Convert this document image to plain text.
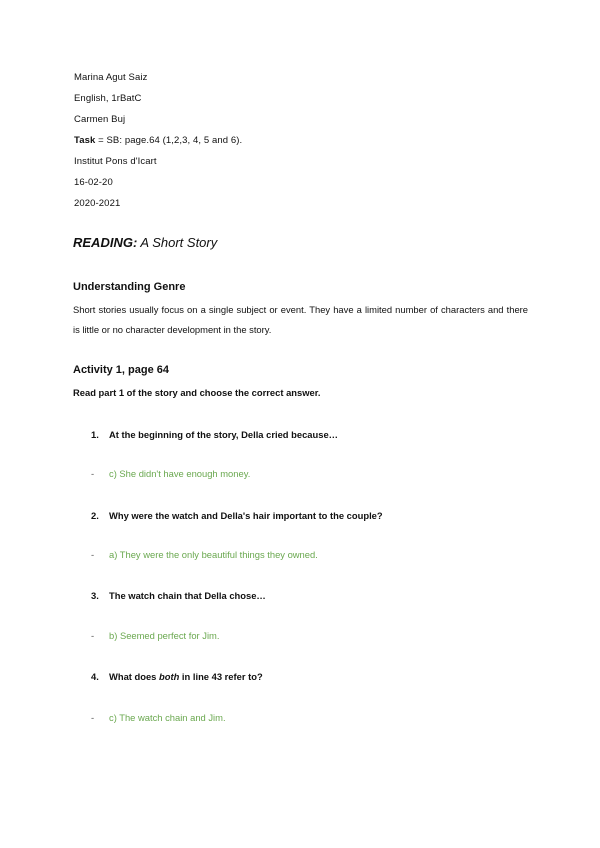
Marina Agut Saiz
English, 1rBatC
Carmen Buj
Task = SB: page.64 (1,2,3, 4, 5 and 6).
Institut Pons d'Icart
16-02-20
2020-2021
READING: A Short Story
Understanding Genre
Short stories usually focus on a single subject or event. They have a limited number of characters and there is little or no character development in the story.
Activity 1, page 64
Read part 1 of the story and choose the correct answer.
1. At the beginning of the story, Della cried because…
- c) She didn't have enough money.
2. Why were the watch and Della's hair important to the couple?
- a) They were the only beautiful things they owned.
3. The watch chain that Della chose…
- b) Seemed perfect for Jim.
4. What does both in line 43 refer to?
- c) The watch chain and Jim.
